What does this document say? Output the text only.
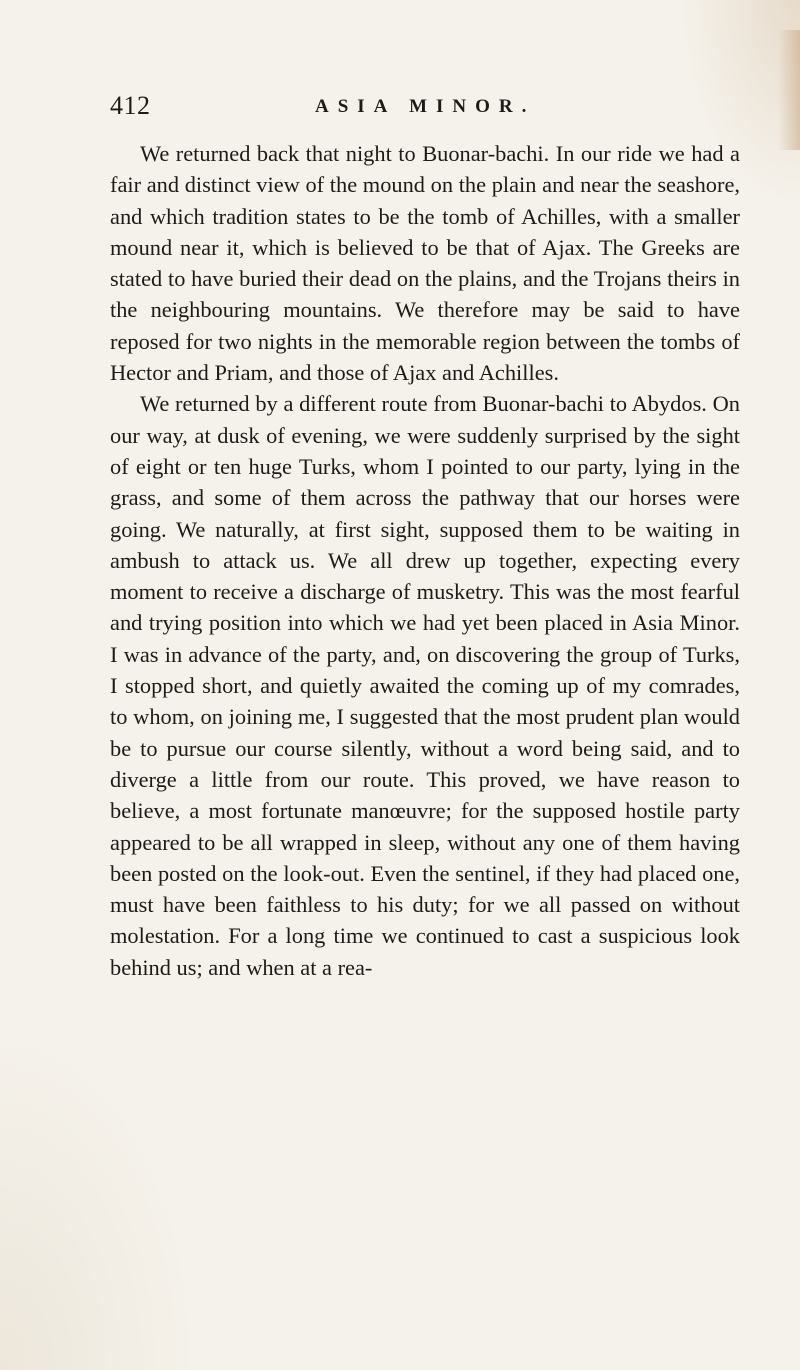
412	ASIA MINOR.

We returned back that night to Buonar-bachi. In our ride we had a fair and distinct view of the mound on the plain and near the seashore, and which tradition states to be the tomb of Achilles, with a smaller mound near it, which is believed to be that of Ajax. The Greeks are stated to have buried their dead on the plains, and the Trojans theirs in the neighbouring mountains. We therefore may be said to have reposed for two nights in the memorable region between the tombs of Hector and Priam, and those of Ajax and Achilles.

We returned by a different route from Buonar-bachi to Abydos. On our way, at dusk of evening, we were suddenly surprised by the sight of eight or ten huge Turks, whom I pointed to our party, lying in the grass, and some of them across the pathway that our horses were going. We naturally, at first sight, supposed them to be waiting in ambush to attack us. We all drew up together, expecting every moment to receive a discharge of musketry. This was the most fearful and trying position into which we had yet been placed in Asia Minor. I was in advance of the party, and, on discovering the group of Turks, I stopped short, and quietly awaited the coming up of my comrades, to whom, on joining me, I suggested that the most prudent plan would be to pursue our course silently, without a word being said, and to diverge a little from our route. This proved, we have reason to believe, a most fortunate manœuvre; for the supposed hostile party appeared to be all wrapped in sleep, without any one of them having been posted on the look-out. Even the sentinel, if they had placed one, must have been faithless to his duty; for we all passed on without molestation. For a long time we continued to cast a suspicious look behind us; and when at a rea-
